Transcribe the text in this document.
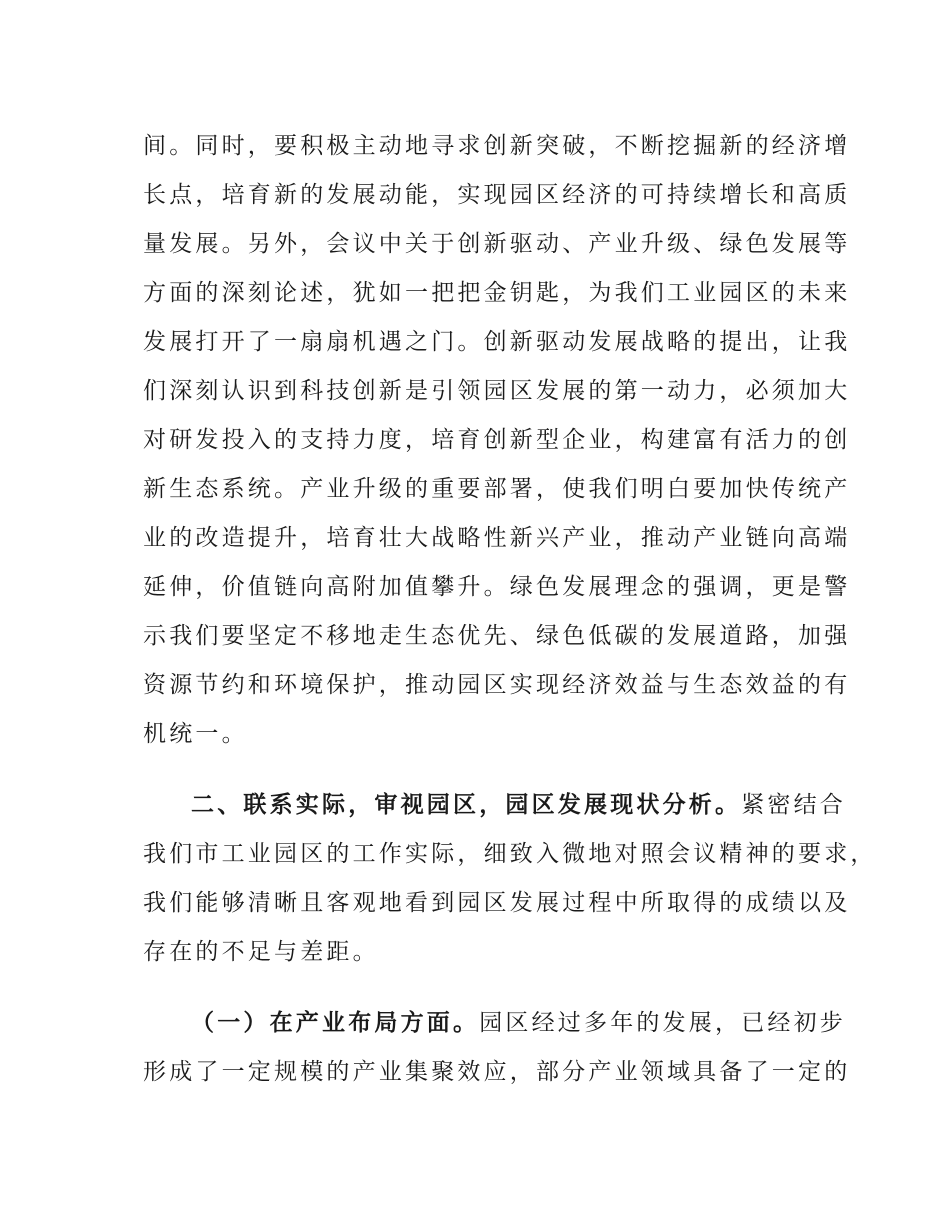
间。同时，要积极主动地寻求创新突破，不断挖掘新的经济增
长点，培育新的发展动能，实现园区经济的可持续增长和高质
量发展。另外，会议中关于创新驱动、产业升级、绿色发展等
方面的深刻论述，犹如一把把金钥匙，为我们工业园区的未来
发展打开了一扇扇机遇之门。创新驱动发展战略的提出，让我
们深刻认识到科技创新是引领园区发展的第一动力，必须加大
对研发投入的支持力度，培育创新型企业，构建富有活力的创
新生态系统。产业升级的重要部署，使我们明白要加快传统产
业的改造提升，培育壮大战略性新兴产业，推动产业链向高端
延伸，价值链向高附加值攀升。绿色发展理念的强调，更是警
示我们要坚定不移地走生态优先、绿色低碳的发展道路，加强
资源节约和环境保护，推动园区实现经济效益与生态效益的有
机统一。
二、联系实际，审视园区，园区发展现状分析。紧密结合
我们市工业园区的工作实际，细致入微地对照会议精神的要求，
我们能够清晰且客观地看到园区发展过程中所取得的成绩以及
存在的不足与差距。
（一）在产业布局方面。园区经过多年的发展，已经初步
形成了一定规模的产业集聚效应，部分产业领域具备了一定的
